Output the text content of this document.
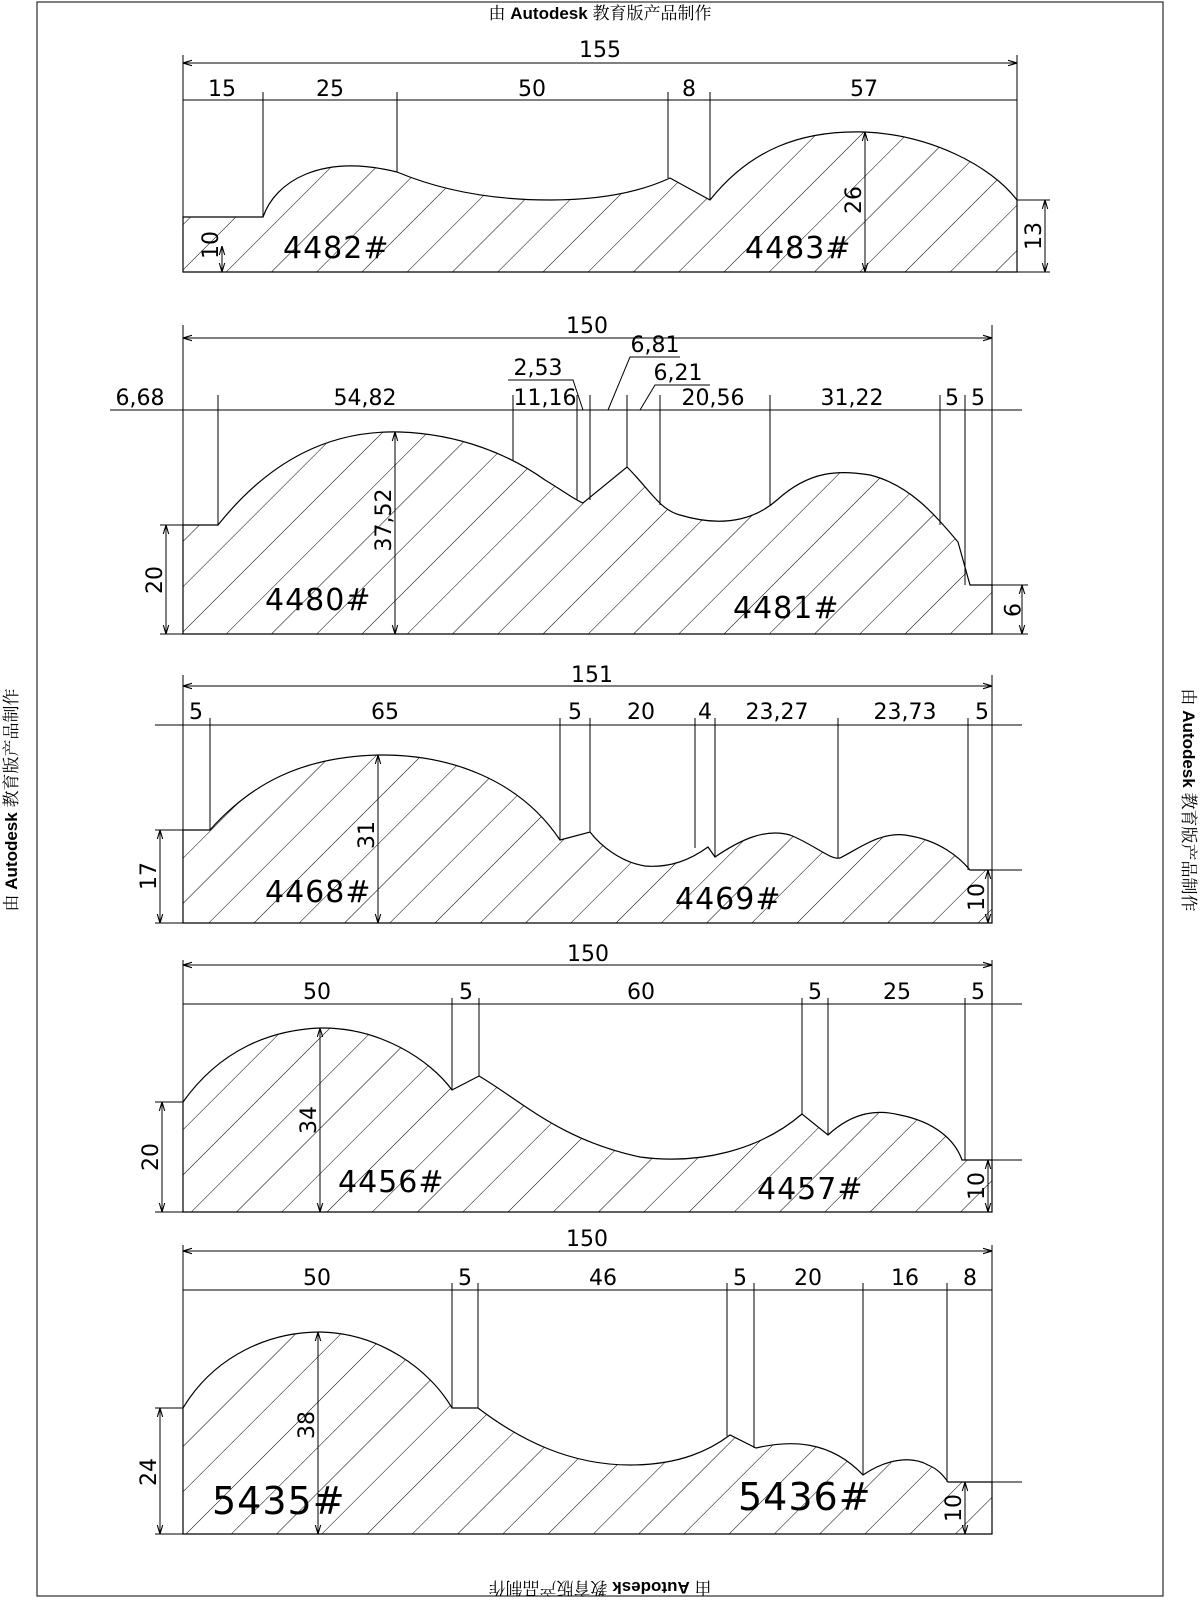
由 Autodesk 教育版产品制作
由 Autodesk 教育版产品制作
由 Autodesk 教育版产品制作	由 Autodesk 教育版产品制作
155
15	25	50	8	57
10
26
13
4482#	4483#
150
6,68	54,82
2,53
11,16
6,81
6,21
20,56	31,22	5 5
20
37,52
9
4480#	4481#
151
5	65	5 20 4 23,27	23,73 5
17
31
10
4468#	4469#
150
50	5	60	5	25	5
20
34
10
4456#	4457#
150
50	5	46	5 20	16 8
24
38
10
5435#	5436#
